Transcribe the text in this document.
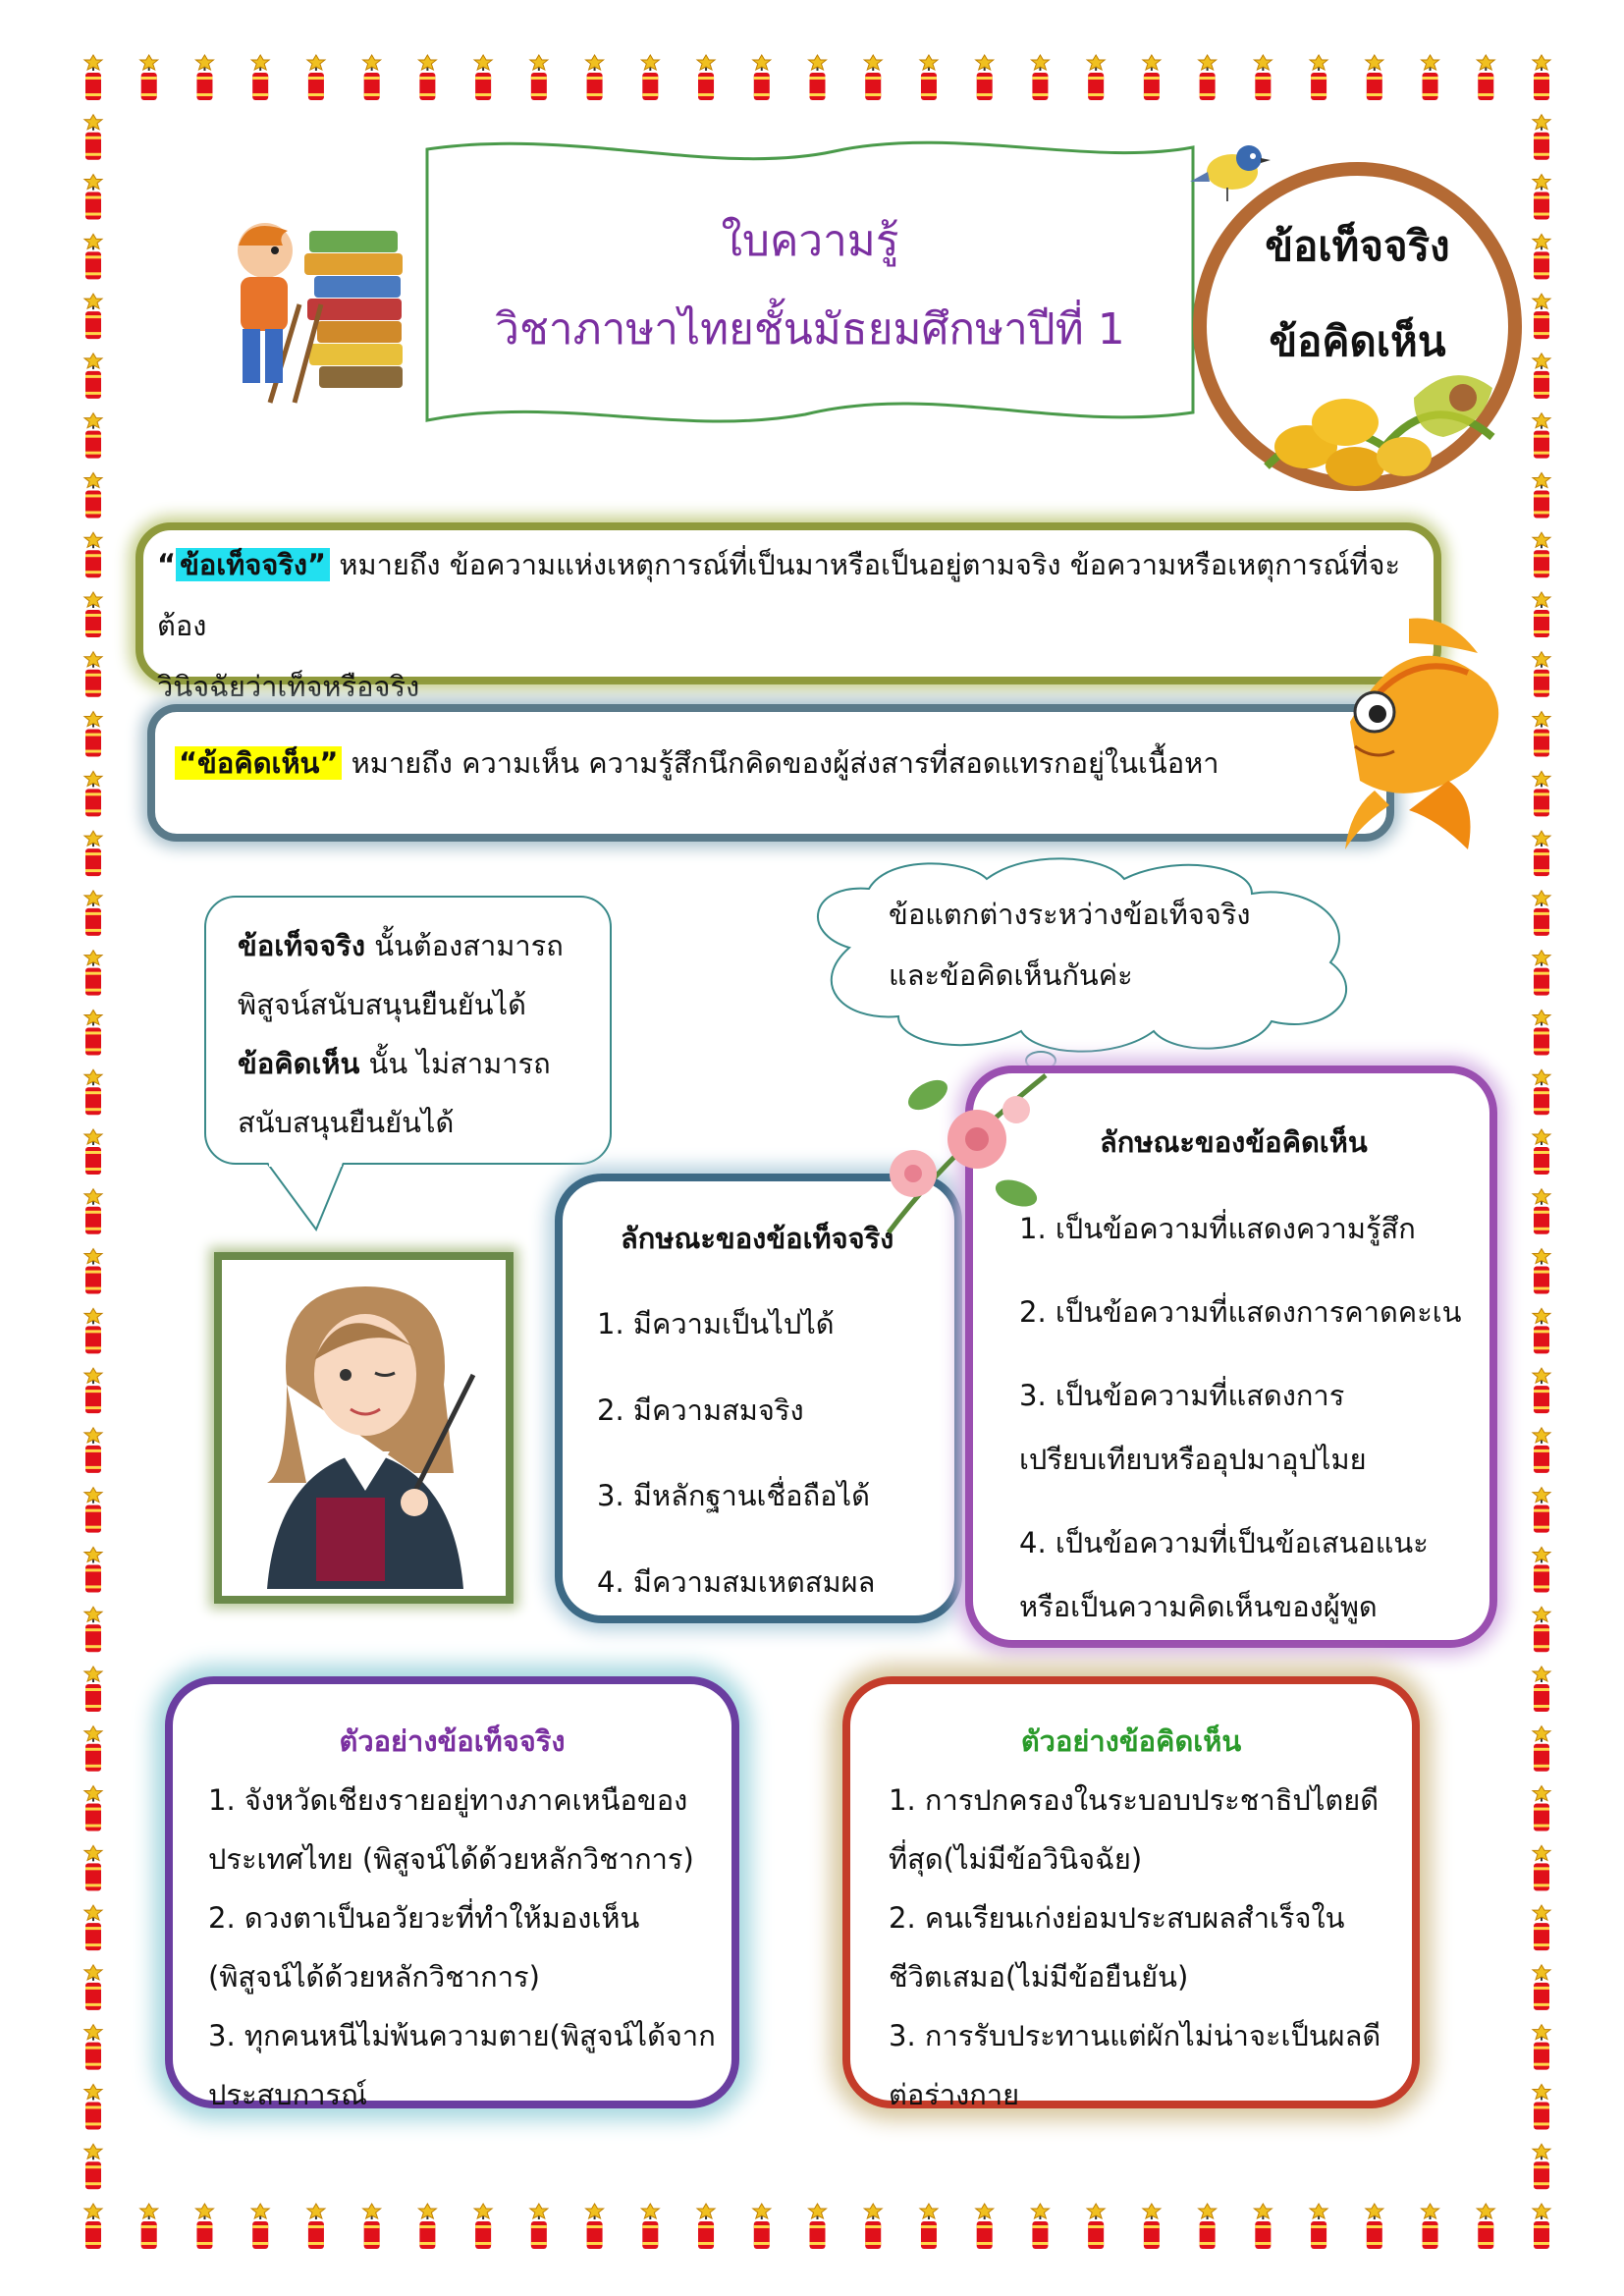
ใบความรู้
วิชาภาษาไทยชั้นมัธยมศึกษาปีที่ 1
ข้อเท็จจริง
ข้อคิดเห็น
“ ข้อเท็จจริง” หมายถึง ข้อความแห่งเหตุการณ์ที่เป็นมาหรือเป็นอยู่ตามจริง ข้อความหรือเหตุการณ์ที่จะต้อง
วินิจฉัยว่าเท็จหรือจริง
“ข้อคิดเห็น” หมายถึง ความเห็น ความรู้สึกนึกคิดของผู้ส่งสารที่สอดแทรกอยู่ในเนื้อหา
ข้อเท็จจริง นั้นต้องสามารถ
พิสูจน์สนับสนุนยืนยันได้
ข้อคิดเห็น นั้น ไม่สามารถ
สนับสนุนยืนยันได้
ข้อแตกต่างระหว่างข้อเท็จจริง
และข้อคิดเห็นกันค่ะ
ลักษณะของข้อเท็จจริง
1. มีความเป็นไปได้
2. มีความสมจริง
3. มีหลักฐานเชื่อถือได้
4. มีความสมเหตสมผล
ลักษณะของข้อคิดเห็น
1. เป็นข้อความที่แสดงความรู้สึก
2. เป็นข้อความที่แสดงการคาดคะเน
3. เป็นข้อความที่แสดงการ
เปรียบเทียบหรืออุปมาอุปไมย
4. เป็นข้อความที่เป็นข้อเสนอแนะ
หรือเป็นความคิดเห็นของผู้พูด
ตัวอย่างข้อเท็จจริง
1. จังหวัดเชียงรายอยู่ทางภาคเหนือของ
ประเทศไทย (พิสูจน์ได้ด้วยหลักวิชาการ)
2. ดวงตาเป็นอวัยวะที่ทำให้มองเห็น
(พิสูจน์ได้ด้วยหลักวิชาการ)
3. ทุกคนหนีไม่พ้นความตาย(พิสูจน์ได้จาก
ประสบการณ์
ตัวอย่างข้อคิดเห็น
1. การปกครองในระบอบประชาธิปไตยดี
ที่สุด(ไม่มีข้อวินิจฉัย)
2. คนเรียนเก่งย่อมประสบผลสำเร็จใน
ชีวิตเสมอ(ไม่มีข้อยืนยัน)
3. การรับประทานแต่ผักไม่น่าจะเป็นผลดี
ต่อร่างกาย
